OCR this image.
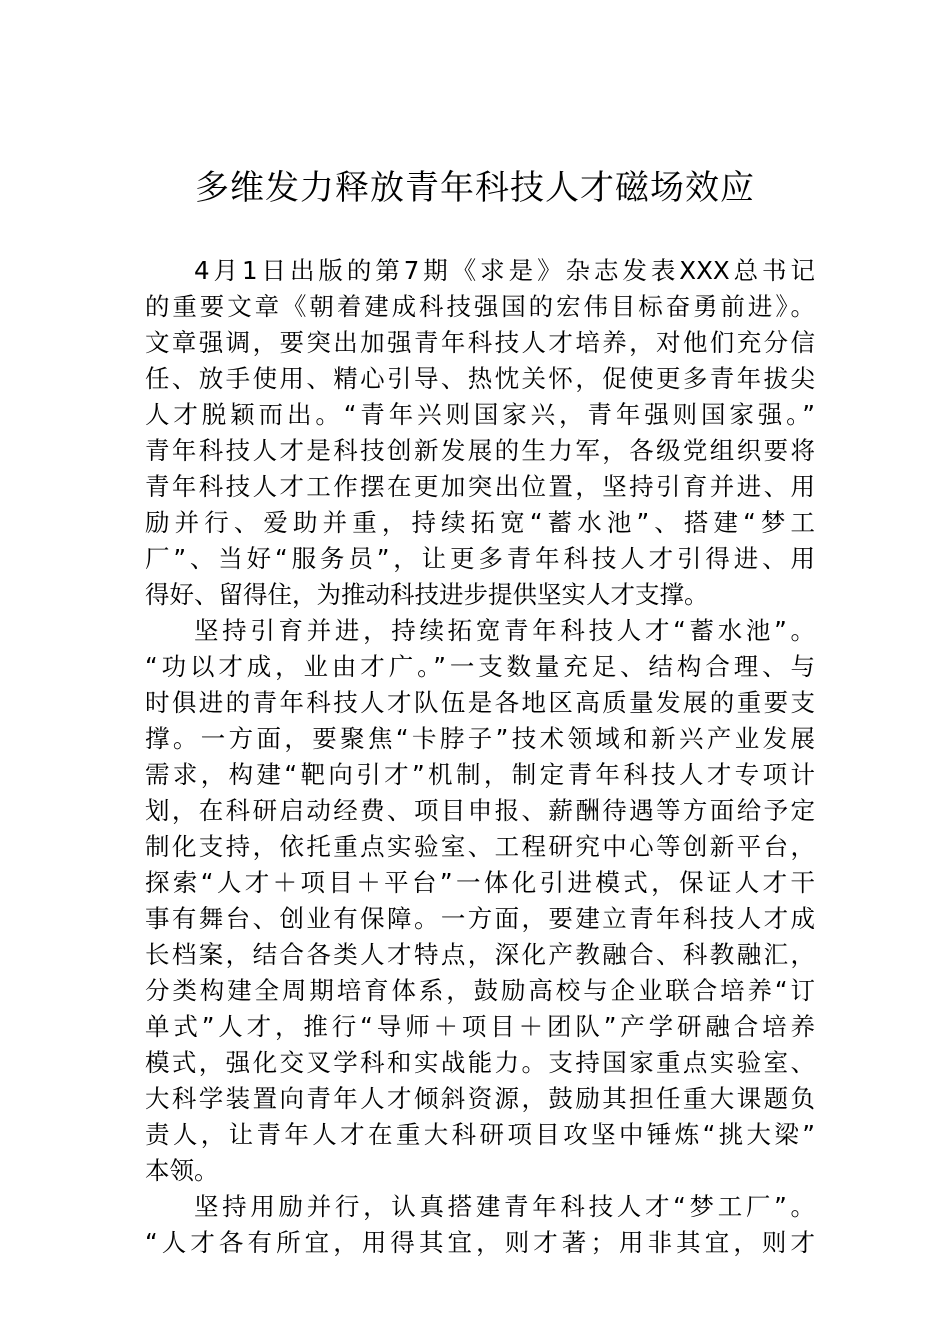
多维发力释放青年科技人才磁场效应
4月1日出版的第7期《求是》杂志发表XXX总书记
的重要文章《朝着建成科技强国的宏伟目标奋勇前进》。
文章强调，要突出加强青年科技人才培养，对他们充分信
任、放手使用、精心引导、热忱关怀，促使更多青年拔尖
人才脱颖而出。“青年兴则国家兴，青年强则国家强。”
青年科技人才是科技创新发展的生力军，各级党组织要将
青年科技人才工作摆在更加突出位置，坚持引育并进、用
励并行、爱助并重，持续拓宽“蓄水池”、搭建“梦工
厂”、当好“服务员”，让更多青年科技人才引得进、用
得好、留得住，为推动科技进步提供坚实人才支撑。
坚持引育并进，持续拓宽青年科技人才“蓄水池”。
“功以才成，业由才广。”一支数量充足、结构合理、与
时俱进的青年科技人才队伍是各地区高质量发展的重要支
撑。一方面，要聚焦“卡脖子”技术领域和新兴产业发展
需求，构建“靶向引才”机制，制定青年科技人才专项计
划，在科研启动经费、项目申报、薪酬待遇等方面给予定
制化支持，依托重点实验室、工程研究中心等创新平台，
探索“人才＋项目＋平台”一体化引进模式，保证人才干
事有舞台、创业有保障。一方面，要建立青年科技人才成
长档案，结合各类人才特点，深化产教融合、科教融汇，
分类构建全周期培育体系，鼓励高校与企业联合培养“订
单式”人才，推行“导师＋项目＋团队”产学研融合培养
模式，强化交叉学科和实战能力。支持国家重点实验室、
大科学装置向青年人才倾斜资源，鼓励其担任重大课题负
责人，让青年人才在重大科研项目攻坚中锤炼“挑大梁”
本领。
坚持用励并行，认真搭建青年科技人才“梦工厂”。
“人才各有所宜，用得其宜，则才著；用非其宜，则才
